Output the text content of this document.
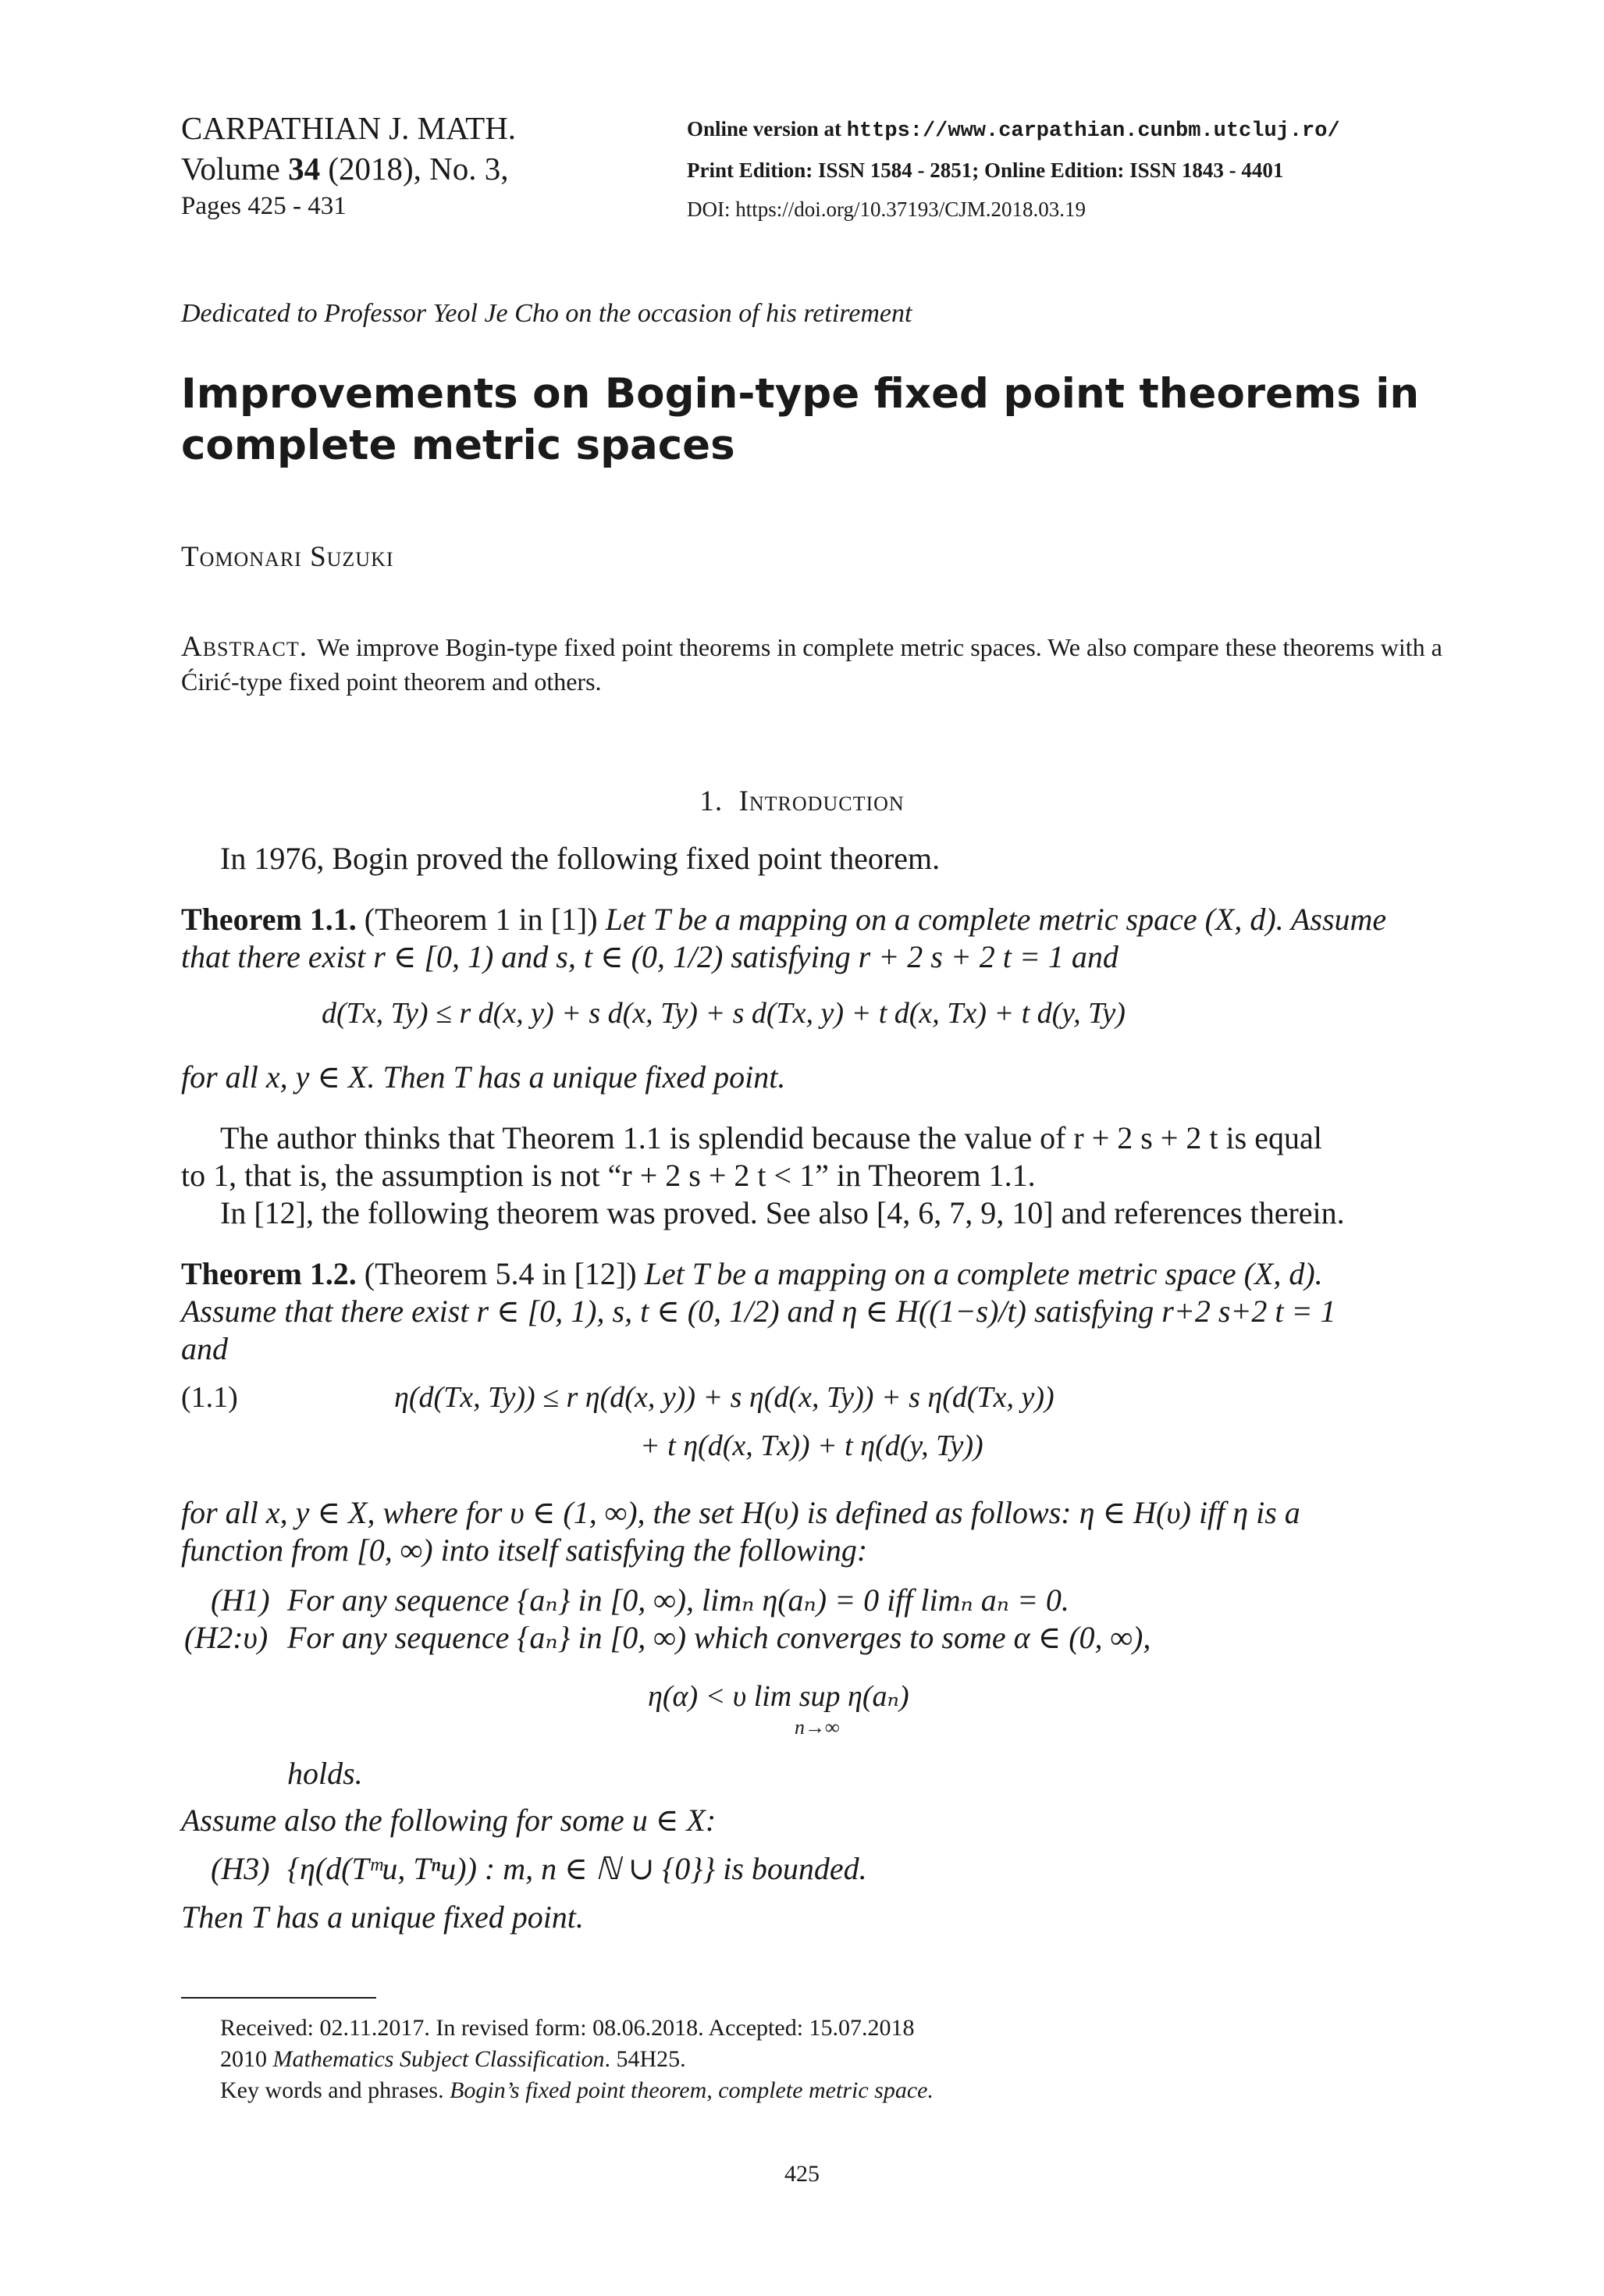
CARPATHIAN J. MATH.
Volume 34 (2018), No. 3,
Pages 425 - 431
Online version at https://www.carpathian.cunbm.utcluj.ro/
Print Edition: ISSN 1584 - 2851; Online Edition: ISSN 1843 - 4401
DOI: https://doi.org/10.37193/CJM.2018.03.19
Dedicated to Professor Yeol Je Cho on the occasion of his retirement
Improvements on Bogin-type fixed point theorems in
complete metric spaces
Tomonari Suzuki
Abstract. We improve Bogin-type fixed point theorems in complete metric spaces. We also compare these theorems with a Ćirić-type fixed point theorem and others.
1. Introduction
In 1976, Bogin proved the following fixed point theorem.
Theorem 1.1. (Theorem 1 in [1]) Let T be a mapping on a complete metric space (X, d). Assume
that there exist r ∈ [0, 1) and s, t ∈ (0, 1/2) satisfying r + 2 s + 2 t = 1 and
d(Tx, Ty) ≤ r d(x, y) + s d(x, Ty) + s d(Tx, y) + t d(x, Tx) + t d(y, Ty)
for all x, y ∈ X. Then T has a unique fixed point.
The author thinks that Theorem 1.1 is splendid because the value of r + 2 s + 2 t is equal
to 1, that is, the assumption is not “r + 2 s + 2 t < 1” in Theorem 1.1.
In [12], the following theorem was proved. See also [4, 6, 7, 9, 10] and references therein.
Theorem 1.2. (Theorem 5.4 in [12]) Let T be a mapping on a complete metric space (X, d).
Assume that there exist r ∈ [0, 1), s, t ∈ (0, 1/2) and η ∈ H((1−s)/t) satisfying r+2 s+2 t = 1
and
(1.1)	η(d(Tx, Ty)) ≤ r η(d(x, y)) + s η(d(x, Ty)) + s η(d(Tx, y))
+ t η(d(x, Tx)) + t η(d(y, Ty))
for all x, y ∈ X, where for υ ∈ (1, ∞), the set H(υ) is defined as follows: η ∈ H(υ) iff η is a
function from [0, ∞) into itself satisfying the following:
(H1) For any sequence {aₙ} in [0, ∞), limₙ η(aₙ) = 0 iff limₙ aₙ = 0.
(H2:υ) For any sequence {aₙ} in [0, ∞) which converges to some α ∈ (0, ∞),
η(α) < υ lim sup η(aₙ)
n→∞
holds.
Assume also the following for some u ∈ X:
(H3) {η(d(Tᵐu, Tⁿu)) : m, n ∈ ℕ ∪ {0}} is bounded.
Then T has a unique fixed point.
Received: 02.11.2017. In revised form: 08.06.2018. Accepted: 15.07.2018
2010 Mathematics Subject Classification. 54H25.
Key words and phrases. Bogin’s fixed point theorem, complete metric space.
425
